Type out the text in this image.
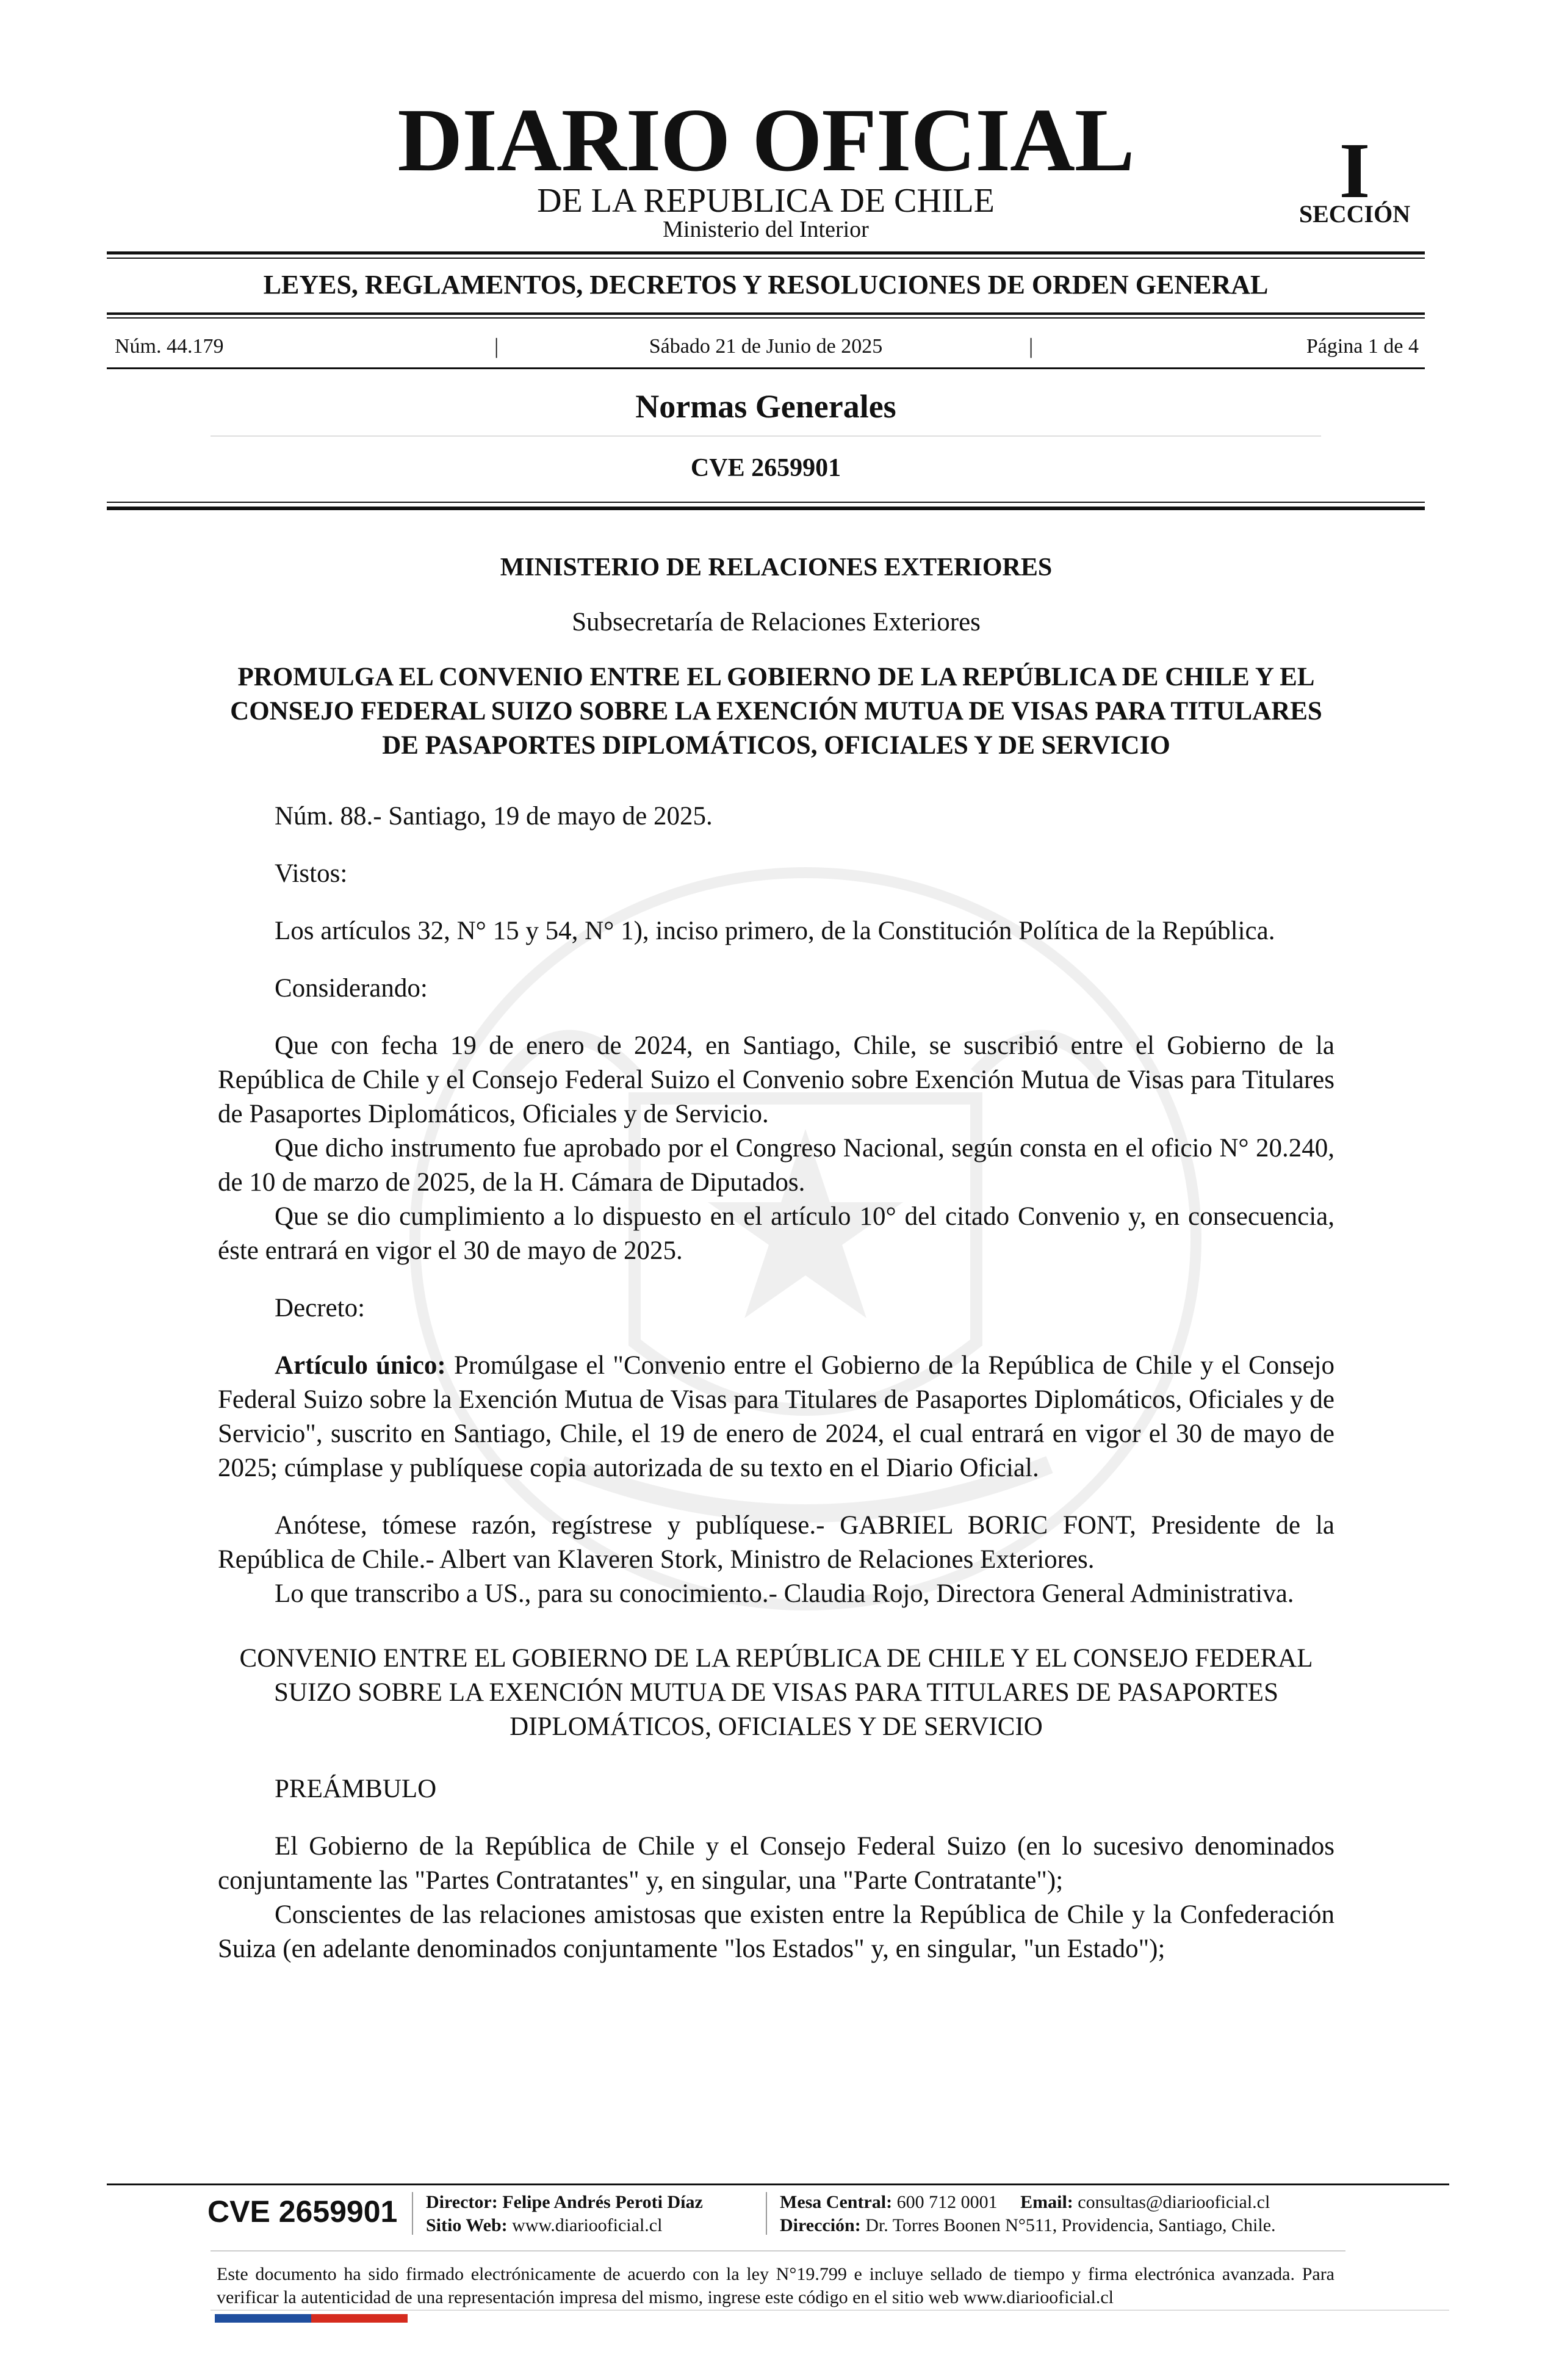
DIARIO OFICIAL
DE LA REPUBLICA DE CHILE
Ministerio del Interior
I
SECCIÓN
LEYES, REGLAMENTOS, DECRETOS Y RESOLUCIONES DE ORDEN GENERAL
Núm. 44.179	|	Sábado 21 de Junio de 2025	|	Página 1 de 4
Normas Generales
CVE 2659901
MINISTERIO DE RELACIONES EXTERIORES
Subsecretaría de Relaciones Exteriores
PROMULGA EL CONVENIO ENTRE EL GOBIERNO DE LA REPÚBLICA DE CHILE Y EL CONSEJO FEDERAL SUIZO SOBRE LA EXENCIÓN MUTUA DE VISAS PARA TITULARES DE PASAPORTES DIPLOMÁTICOS, OFICIALES Y DE SERVICIO
Núm. 88.- Santiago, 19 de mayo de 2025.
Vistos:
Los artículos 32, N° 15 y 54, N° 1), inciso primero, de la Constitución Política de la República.
Considerando:
Que con fecha 19 de enero de 2024, en Santiago, Chile, se suscribió entre el Gobierno de la República de Chile y el Consejo Federal Suizo el Convenio sobre Exención Mutua de Visas para Titulares de Pasaportes Diplomáticos, Oficiales y de Servicio.
Que dicho instrumento fue aprobado por el Congreso Nacional, según consta en el oficio N° 20.240, de 10 de marzo de 2025, de la H. Cámara de Diputados.
Que se dio cumplimiento a lo dispuesto en el artículo 10° del citado Convenio y, en consecuencia, éste entrará en vigor el 30 de mayo de 2025.
Decreto:
Artículo único: Promúlgase el "Convenio entre el Gobierno de la República de Chile y el Consejo Federal Suizo sobre la Exención Mutua de Visas para Titulares de Pasaportes Diplomáticos, Oficiales y de Servicio", suscrito en Santiago, Chile, el 19 de enero de 2024, el cual entrará en vigor el 30 de mayo de 2025; cúmplase y publíquese copia autorizada de su texto en el Diario Oficial.
Anótese, tómese razón, regístrese y publíquese.- GABRIEL BORIC FONT, Presidente de la República de Chile.- Albert van Klaveren Stork, Ministro de Relaciones Exteriores.
Lo que transcribo a US., para su conocimiento.- Claudia Rojo, Directora General Administrativa.
CONVENIO ENTRE EL GOBIERNO DE LA REPÚBLICA DE CHILE Y EL CONSEJO FEDERAL SUIZO SOBRE LA EXENCIÓN MUTUA DE VISAS PARA TITULARES DE PASAPORTES DIPLOMÁTICOS, OFICIALES Y DE SERVICIO
PREÁMBULO
El Gobierno de la República de Chile y el Consejo Federal Suizo (en lo sucesivo denominados conjuntamente las "Partes Contratantes" y, en singular, una "Parte Contratante");
Conscientes de las relaciones amistosas que existen entre la República de Chile y la Confederación Suiza (en adelante denominados conjuntamente "los Estados" y, en singular, "un Estado");
CVE 2659901 Director: Felipe Andrés Peroti Díaz
Sitio Web: www.diariooficial.cl
Mesa Central: 600 712 0001 Email: consultas@diariooficial.cl
Dirección: Dr. Torres Boonen N°511, Providencia, Santiago, Chile.
Este documento ha sido firmado electrónicamente de acuerdo con la ley N°19.799 e incluye sellado de tiempo y firma electrónica avanzada. Para verificar la autenticidad de una representación impresa del mismo, ingrese este código en el sitio web www.diariooficial.cl
